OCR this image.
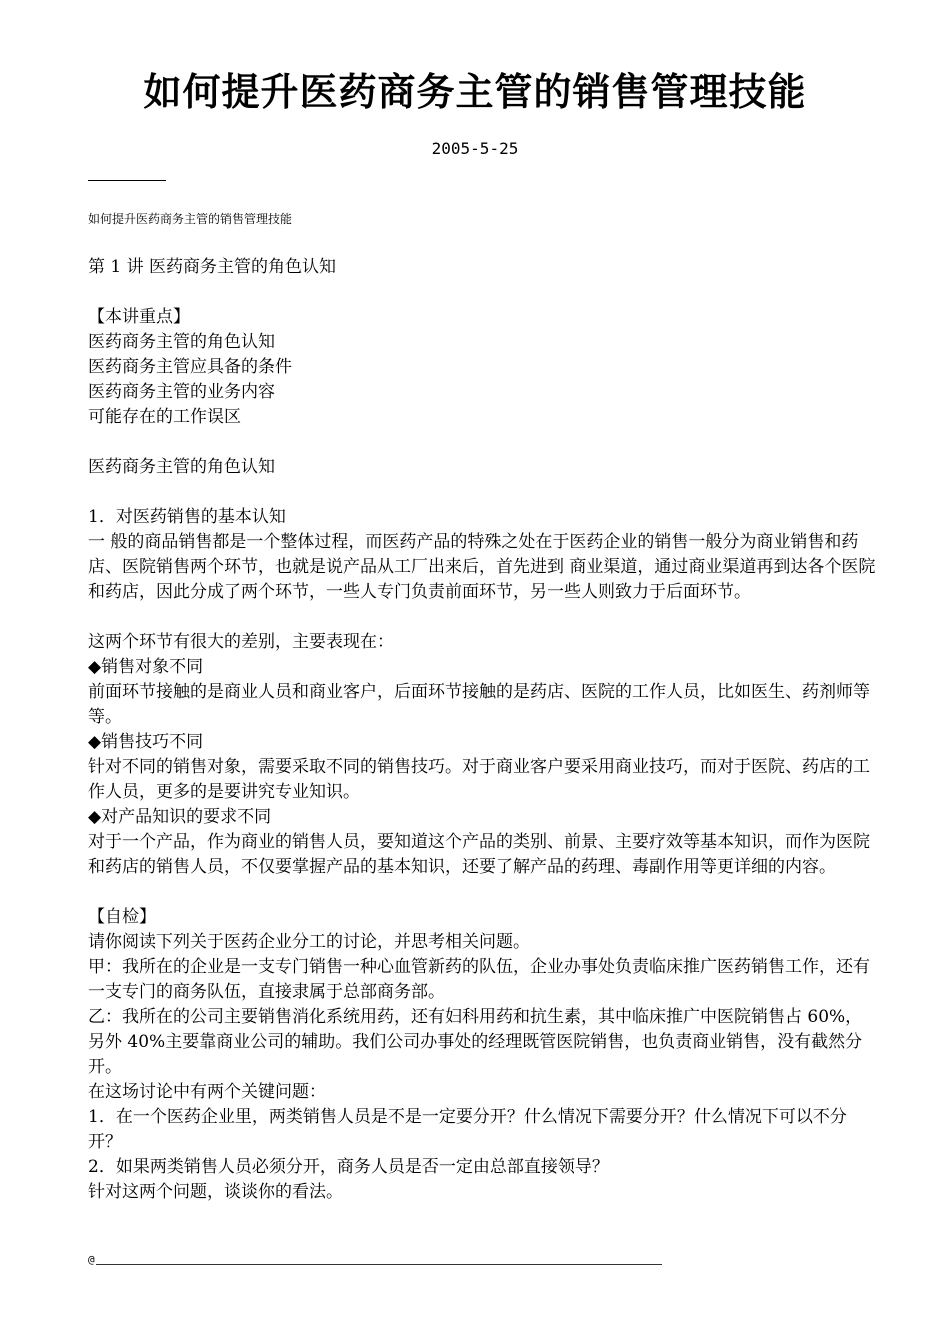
如何提升医药商务主管的销售管理技能
2005-5-25
如何提升医药商务主管的销售管理技能

第 1 讲 医药商务主管的角色认知

【本讲重点】

医药商务主管的角色认知

医药商务主管应具备的条件

医药商务主管的业务内容

可能存在的工作误区

医药商务主管的角色认知

1．对医药销售的基本认知

一 般的商品销售都是一个整体过程，而医药产品的特殊之处在于医药企业的销售一般分为商业销售和药店、医院销售两个环节，也就是说产品从工厂出来后，首先进到 商业渠道，通过商业渠道再到达各个医院和药店，因此分成了两个环节，一些人专门负责前面环节，另一些人则致力于后面环节。

这两个环节有很大的差别，主要表现在：

◆销售对象不同

前面环节接触的是商业人员和商业客户，后面环节接触的是药店、医院的工作人员，比如医生、药剂师等等。

◆销售技巧不同

针对不同的销售对象，需要采取不同的销售技巧。对于商业客户要采用商业技巧，而对于医院、药店的工作人员，更多的是要讲究专业知识。

◆对产品知识的要求不同

对于一个产品，作为商业的销售人员，要知道这个产品的类别、前景、主要疗效等基本知识，而作为医院和药店的销售人员，不仅要掌握产品的基本知识，还要了解产品的药理、毒副作用等更详细的内容。

【自检】

请你阅读下列关于医药企业分工的讨论，并思考相关问题。

甲：我所在的企业是一支专门销售一种心血管新药的队伍，企业办事处负责临床推广医药销售工作，还有一支专门的商务队伍，直接隶属于总部商务部。

乙：我所在的公司主要销售消化系统用药，还有妇科用药和抗生素，其中临床推广中医院销售占 60%，另外 40%主要靠商业公司的辅助。我们公司办事处的经理既管医院销售，也负责商业销售，没有截然分开。

在这场讨论中有两个关键问题：

1．在一个医药企业里，两类销售人员是不是一定要分开？什么情况下需要分开？什么情况下可以不分开？

2．如果两类销售人员必须分开，商务人员是否一定由总部直接领导？

针对这两个问题，谈谈你的看法。

@
